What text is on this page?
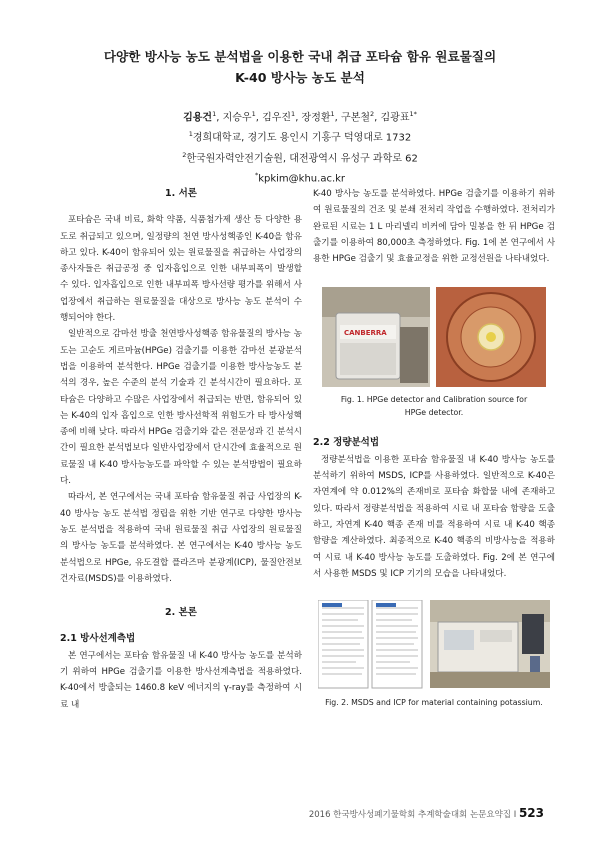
다양한 방사능 농도 분석법을 이용한 국내 취급 포타슘 함유 원료물질의
K-40 방사능 농도 분석
김용건$^1$, 지승우$^1$, 김우진$^1$, 장정환$^1$, 구본철$^2$, 김광표$^{1*}$
$^1$경희대학교, 경기도 용인시 기흥구 덕영대로 1732
$^2$한국원자력안전기술원, 대전광역시 유성구 과학로 62
*kpkim@khu.ac.kr
1. 서론

포타슘은 국내 비료, 화학 약품, 식품첨가제 생산 등 다양한 용도로 취급되고 있으며, 일정량의 천연 방사성핵종인 K-40을 함유하고 있다. K-40이 함유되어 있는 원료물질을 취급하는 사업장의 종사자들은 취급공정 중 입자흡입으로 인한 내부피폭이 발생할 수 있다. 입자흡입으로 인한 내부피폭 방사선량 평가를 위해서 사업장에서 취급하는 원료물질을 대상으로 방사능 농도 분석이 수행되어야 한다.

일반적으로 감마선 방출 천연방사성핵종 함유물질의 방사능 농도는 고순도 게르마늄(HPGe) 검출기를 이용한 감마선 분광분석법을 이용하여 분석한다. HPGe 검출기를 이용한 방사능농도 분석의 경우, 높은 수준의 분석 기술과 긴 분석시간이 필요하다. 포타슘은 다양하고 수많은 사업장에서 취급되는 반면, 함유되어 있는 K-40의 입자 흡입으로 인한 방사선학적 위험도가 타 방사성핵종에 비해 낮다. 따라서 HPGe 검출기와 같은 전문성과 긴 분석시간이 필요한 분석법보다 일반사업장에서 단시간에 효율적으로 원료물질 내 K-40 방사능농도를 파악할 수 있는 분석방법이 필요하다.

따라서, 본 연구에서는 국내 포타슘 함유물질 취급 사업장의 K-40 방사능 농도 분석법 정립을 위한 기반 연구로 다양한 방사능농도 분석법을 적용하여 국내 원료물질 취급 사업장의 원료물질의 방사능 농도를 분석하였다. 본 연구에서는 K-40 방사능 농도 분석법으로 HPGe, 유도결합 플라즈마 분광계(ICP), 물질안전보건자료(MSDS)를 이용하였다.

2. 본론
2.1 방사선계측법

본 연구에서는 포타슘 함유물질 내 K-40 방사능 농도를 분석하기 위하여 HPGe 검출기를 이용한 방사선계측법을 적용하였다. K-40에서 방출되는 1460.8 keV 에너지의 γ-ray를 측정하여 시료 내

K-40 방사능 농도를 분석하였다. HPGe 검출기를 이용하기 위하여 원료물질의 건조 및 분쇄 전처리 작업을 수행하였다. 전처리가 완료된 시료는 1 L 마리넬리 비커에 담아 밀봉을 한 뒤 HPGe 검출기를 이용하여 80,000초 측정하였다. Fig. 1에 본 연구에서 사용한 HPGe 검출기 및 효율교정을 위한 교정선원을 나타내었다.

CANBERRA
Fig. 1. HPGe detector and Calibration source for
HPGe detector.
2.2 정량분석법

정량분석법을 이용한 포타슘 함유물질 내 K-40 방사능 농도를 분석하기 위하여 MSDS, ICP를 사용하였다. 일반적으로 K-40은 자연계에 약 0.012%의 존재비로 포타슘 화합물 내에 존재하고 있다. 따라서 정량분석법을 적용하여 시료 내 포타슘 함량을 도출하고, 자연계 K-40 핵종 존재 비를 적용하여 시료 내 K-40 핵종 함량을 계산하였다. 최종적으로 K-40 핵종의 비방사능을 적용하여 시료 내 K-40 방사능 농도를 도출하였다. Fig. 2에 본 연구에서 사용한 MSDS 및 ICP 기기의 모습을 나타내었다.

Fig. 2. MSDS and ICP for material containing potassium.
2016 한국방사성폐기물학회 추계학술대회 논문요약집 I 523
